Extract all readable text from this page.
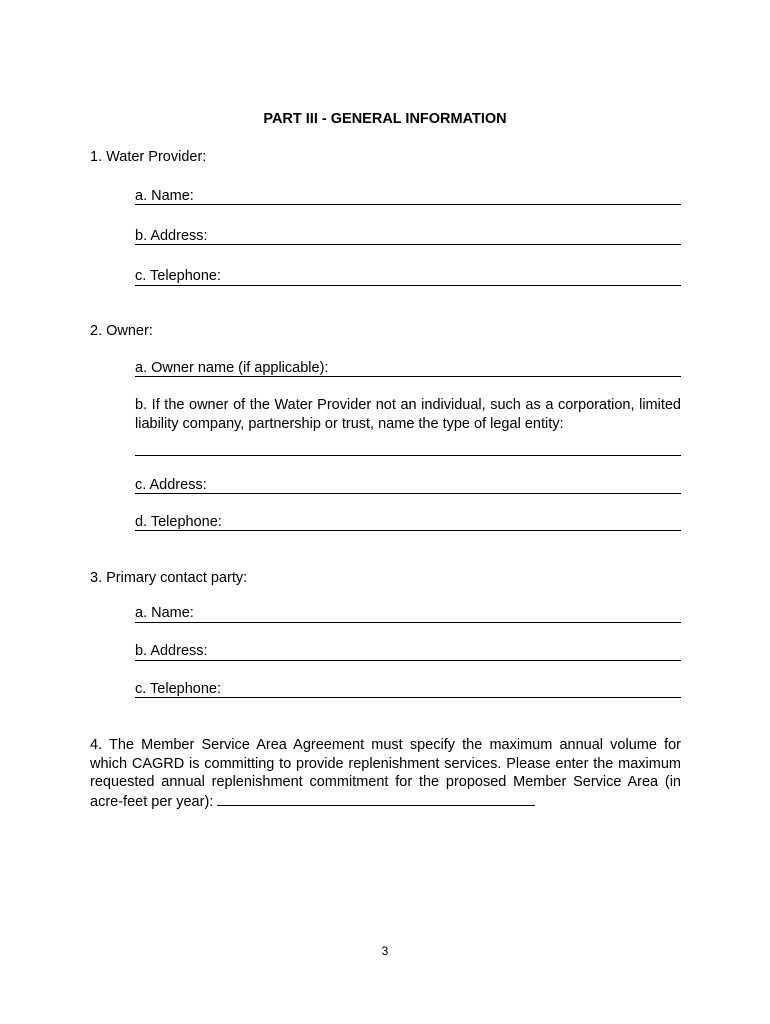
PART III - GENERAL INFORMATION
1. Water Provider:
a. Name:
b. Address:
c. Telephone:
2. Owner:
a. Owner name (if applicable):
b. If the owner of the Water Provider not an individual, such as a corporation, limited liability company, partnership or trust, name the type of legal entity:
c. Address:
d. Telephone:
3. Primary contact party:
a. Name:
b. Address:
c. Telephone:
4. The Member Service Area Agreement must specify the maximum annual volume for which CAGRD is committing to provide replenishment services. Please enter the maximum requested annual replenishment commitment for the proposed Member Service Area (in acre-feet per year):
3
